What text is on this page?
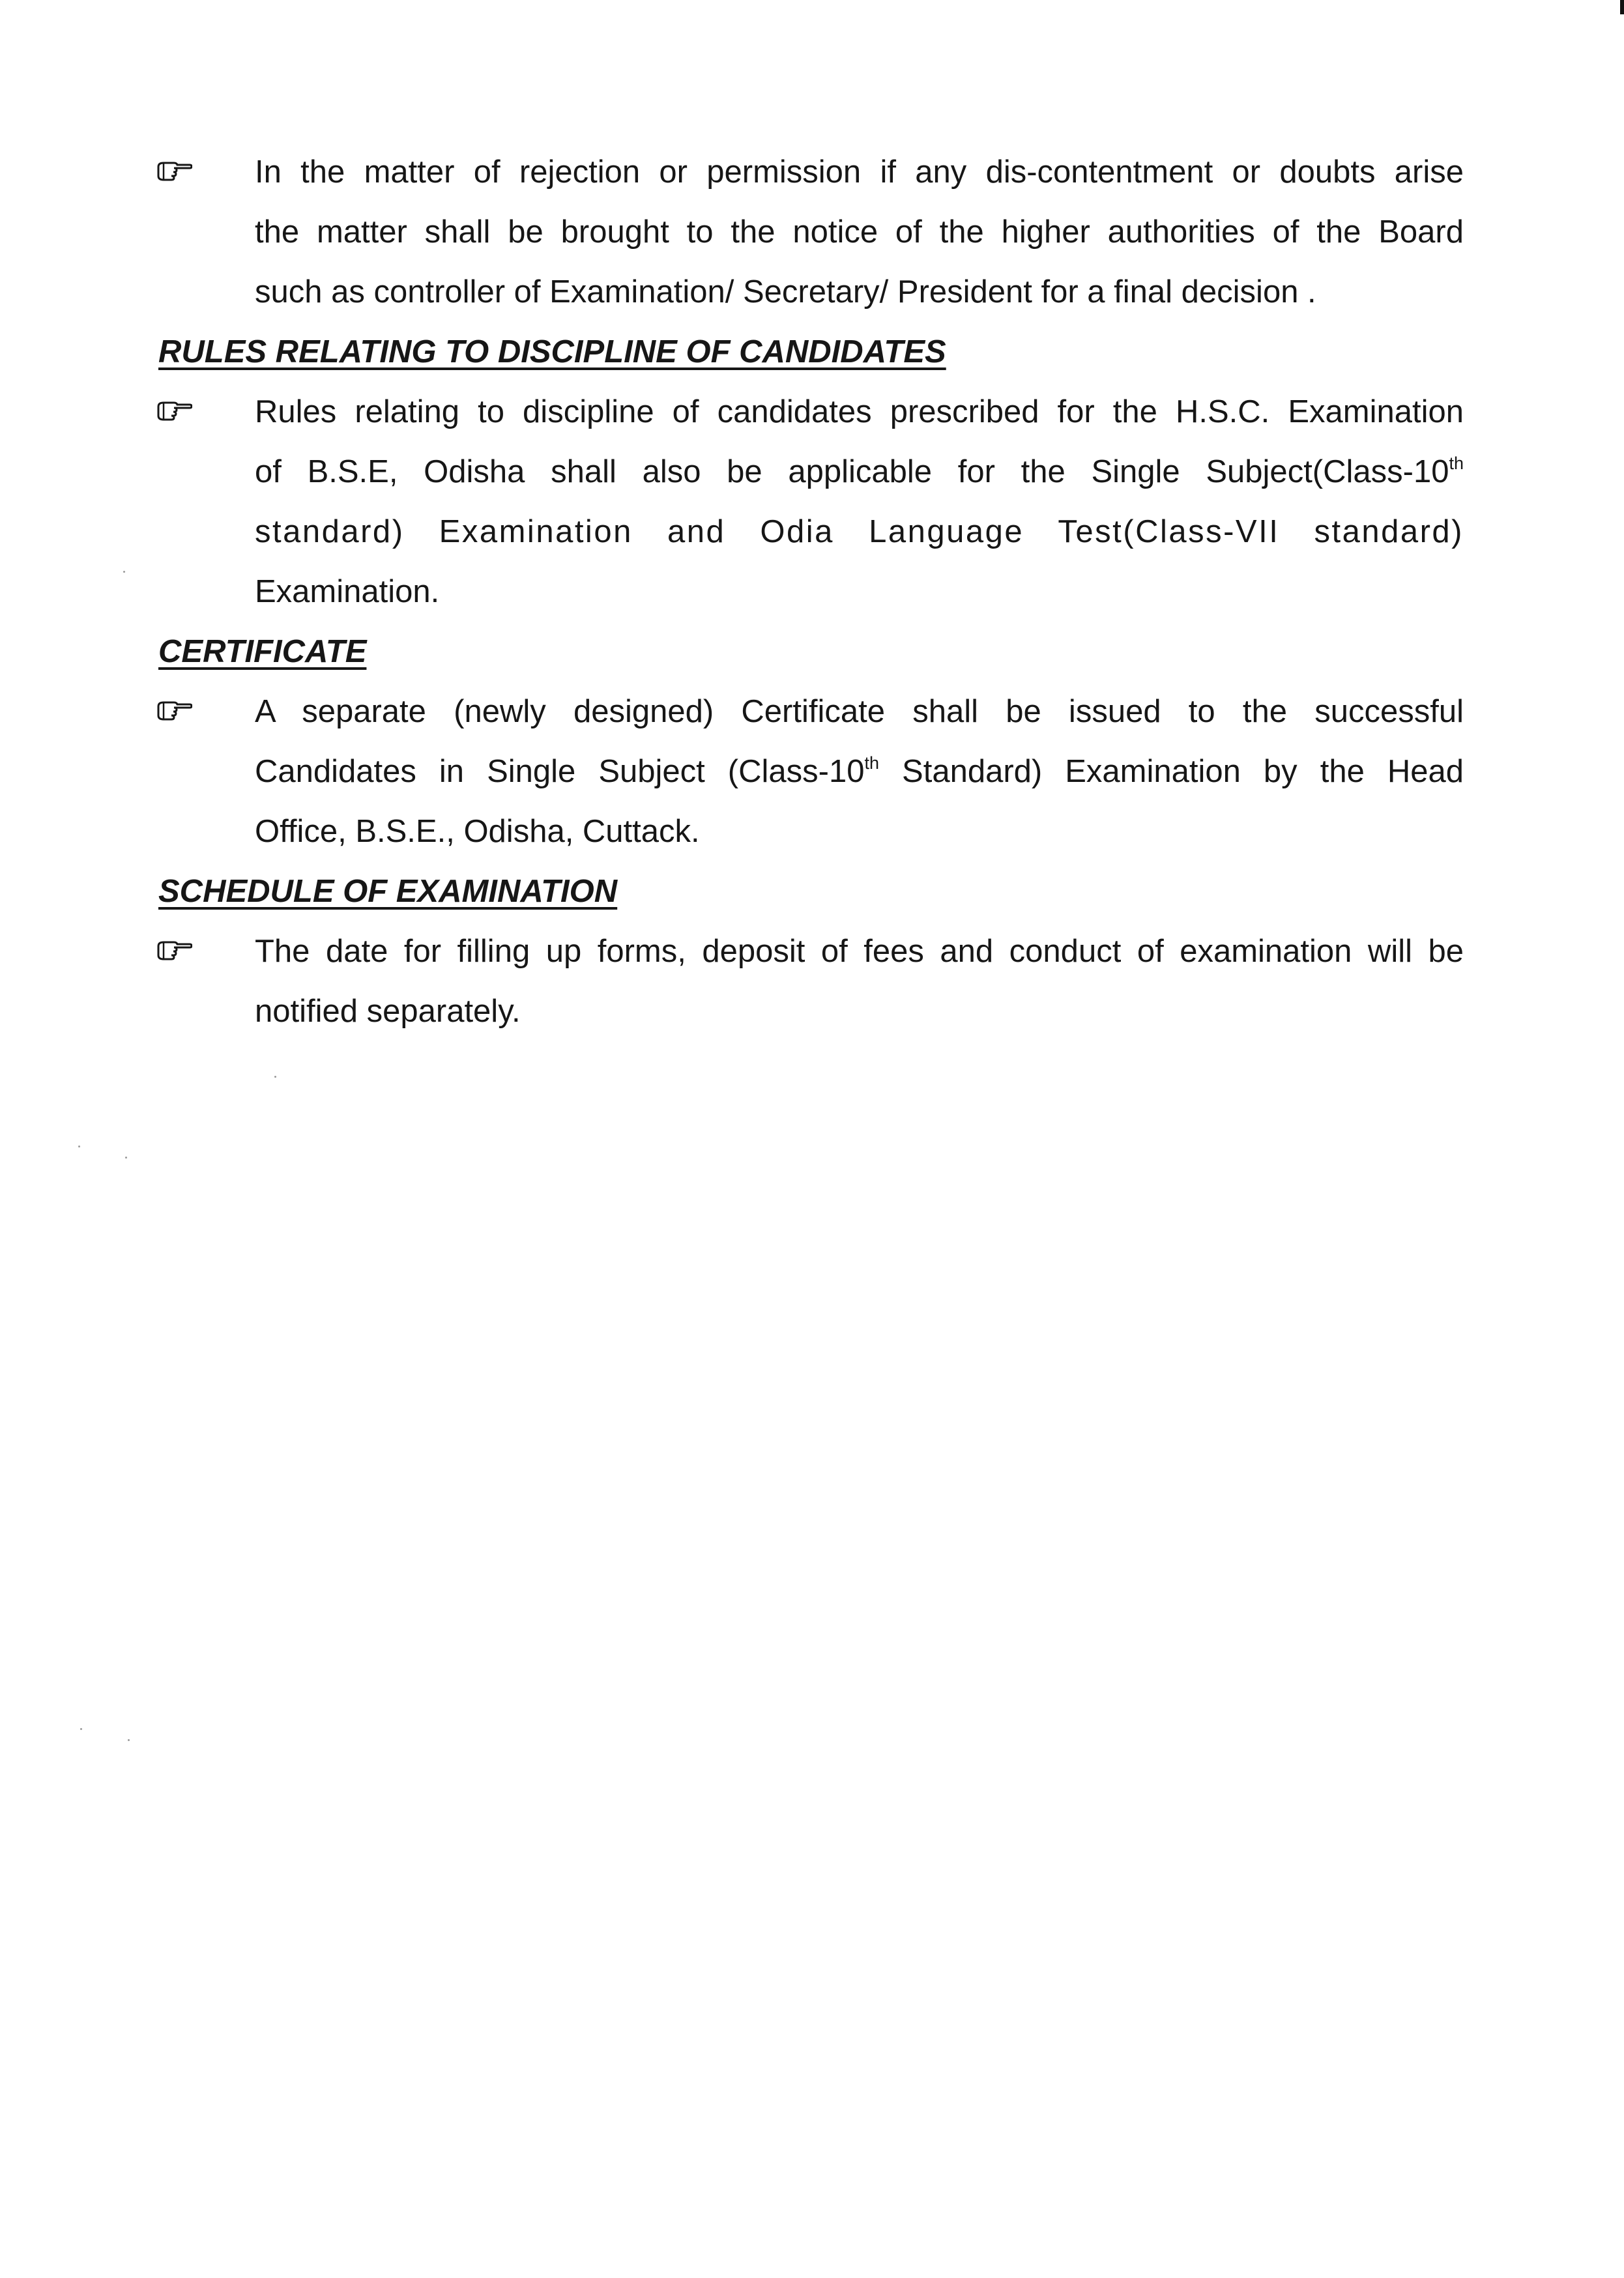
In the matter of rejection or permission if any dis-contentment or doubts arise
the matter shall be brought to the notice of the higher authorities of the Board
such as controller of Examination/ Secretary/ President for a final decision .

RULES RELATING TO DISCIPLINE OF CANDIDATES

Rules relating to discipline of candidates prescribed for the H.S.C. Examination
of B.S.E, Odisha shall also be applicable for the Single Subject(Class-10th
standard) Examination and Odia Language Test(Class-VII standard)
Examination.

CERTIFICATE

A separate (newly designed) Certificate shall be issued to the successful
Candidates in Single Subject (Class-10th Standard) Examination by the Head
Office, B.S.E., Odisha, Cuttack.

SCHEDULE OF EXAMINATION

The date for filling up forms, deposit of fees and conduct of examination will be
notified separately.
